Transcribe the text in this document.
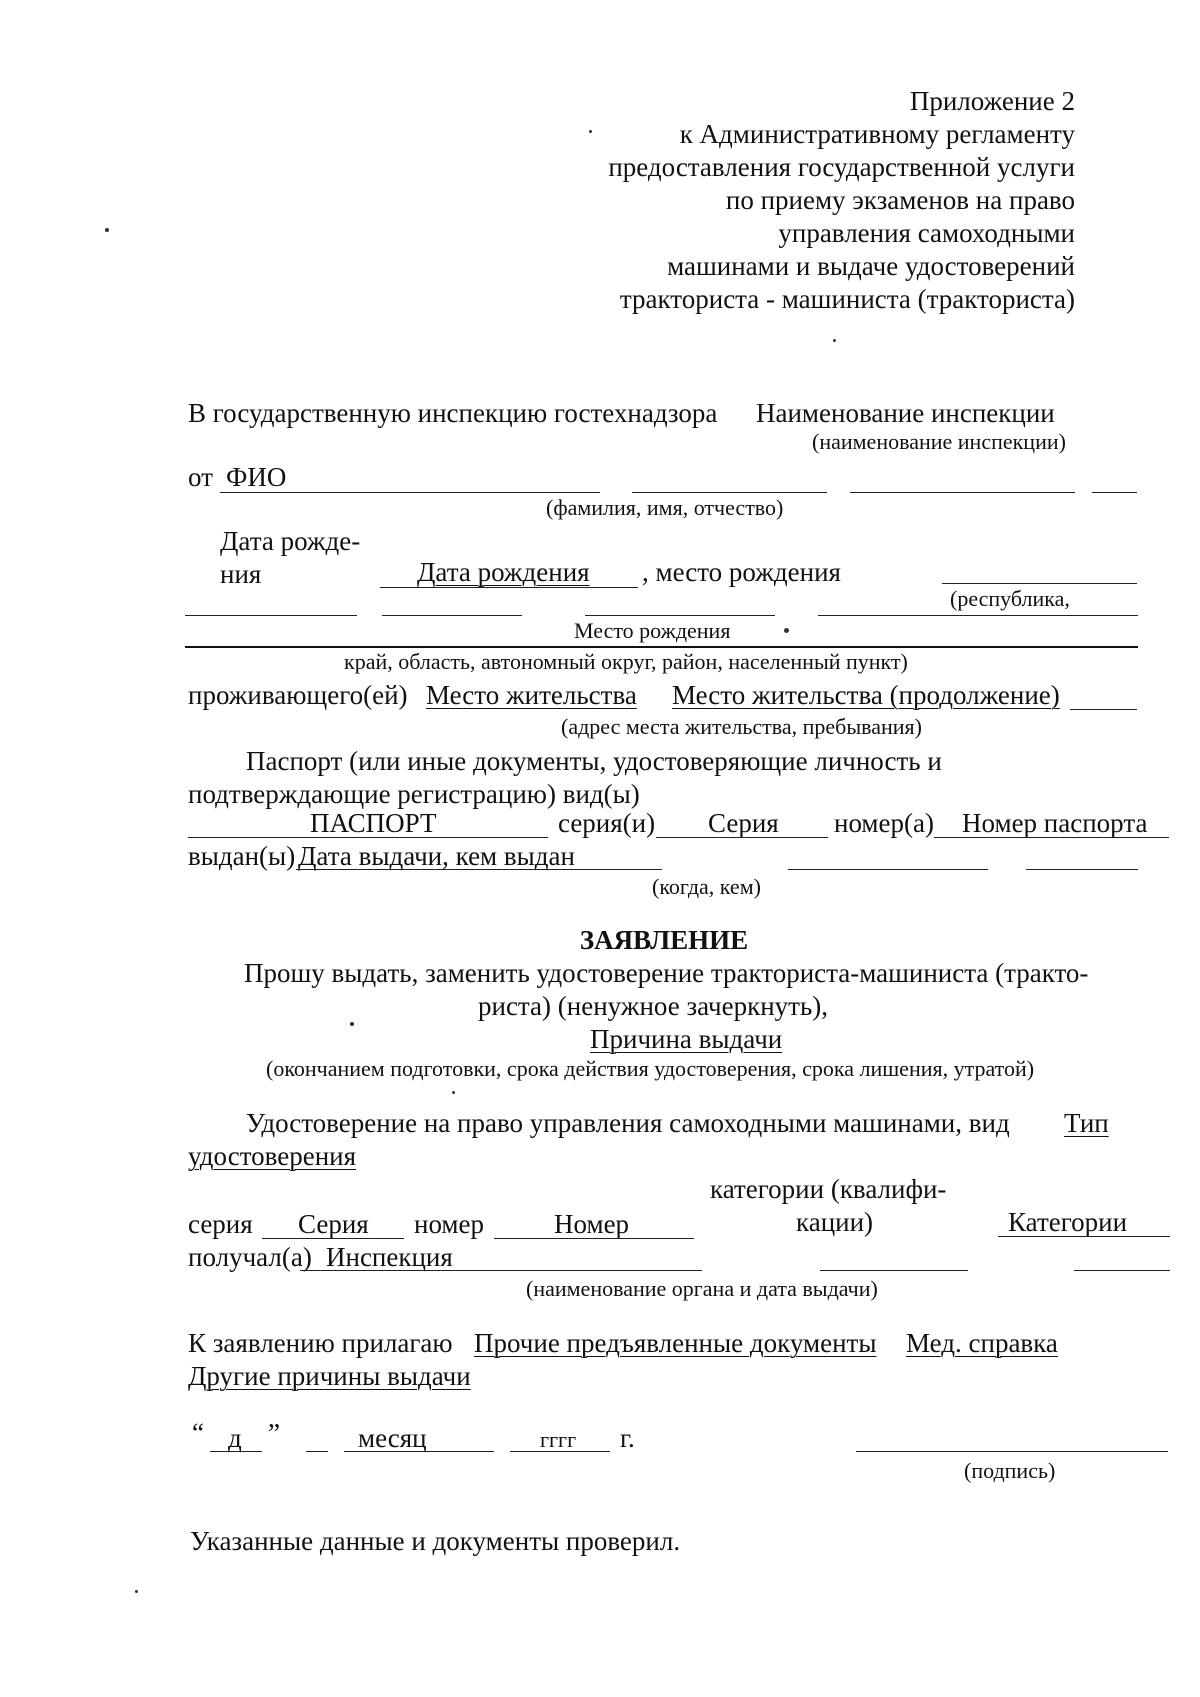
Приложение 2
к Административному регламенту
предоставления государственной услуги
по приему экзаменов на право
управления самоходными
машинами и выдаче удостоверений
тракториста - машиниста (тракториста)
В государственную инспекцию гостехнадзора Наименование инспекции
(наименование инспекции)
от ФИО
(фамилия, имя, отчество)
Дата рожде-
ния	Дата рождения , место рождения
(республика,
Место рождения
край, область, автономный округ, район, населенный пункт)
проживающего(ей) Место жительства Место жительства (продолжение)
(адрес места жительства, пребывания)
Паспорт (или иные документы, удостоверяющие личность и
подтверждающие регистрацию) вид(ы)
ПАСПОРТ	серия(и) Серия номер(а) Номер паспорта
выдан(ы) Дата выдачи, кем выдан
(когда, кем)
ЗАЯВЛЕНИЕ
Прошу выдать, заменить удостоверение тракториста-машиниста (тракто-
риста) (ненужное зачеркнуть),
Причина выдачи
(окончанием подготовки, срока действия удостоверения, срока лишения, утратой)
Удостоверение на право управления самоходными машинами, вид Тип
удостоверения
категории (квалифи-
кации)
серия Серия номер	Номер	Категории
получал(а) Инспекция
(наименование органа и дата выдачи)
К заявлению прилагаю Прочие предъявленные документы Мед. справка
Другие причины выдачи
“ д ”	месяц	гггг г.
(подпись)
Указанные данные и документы проверил.
